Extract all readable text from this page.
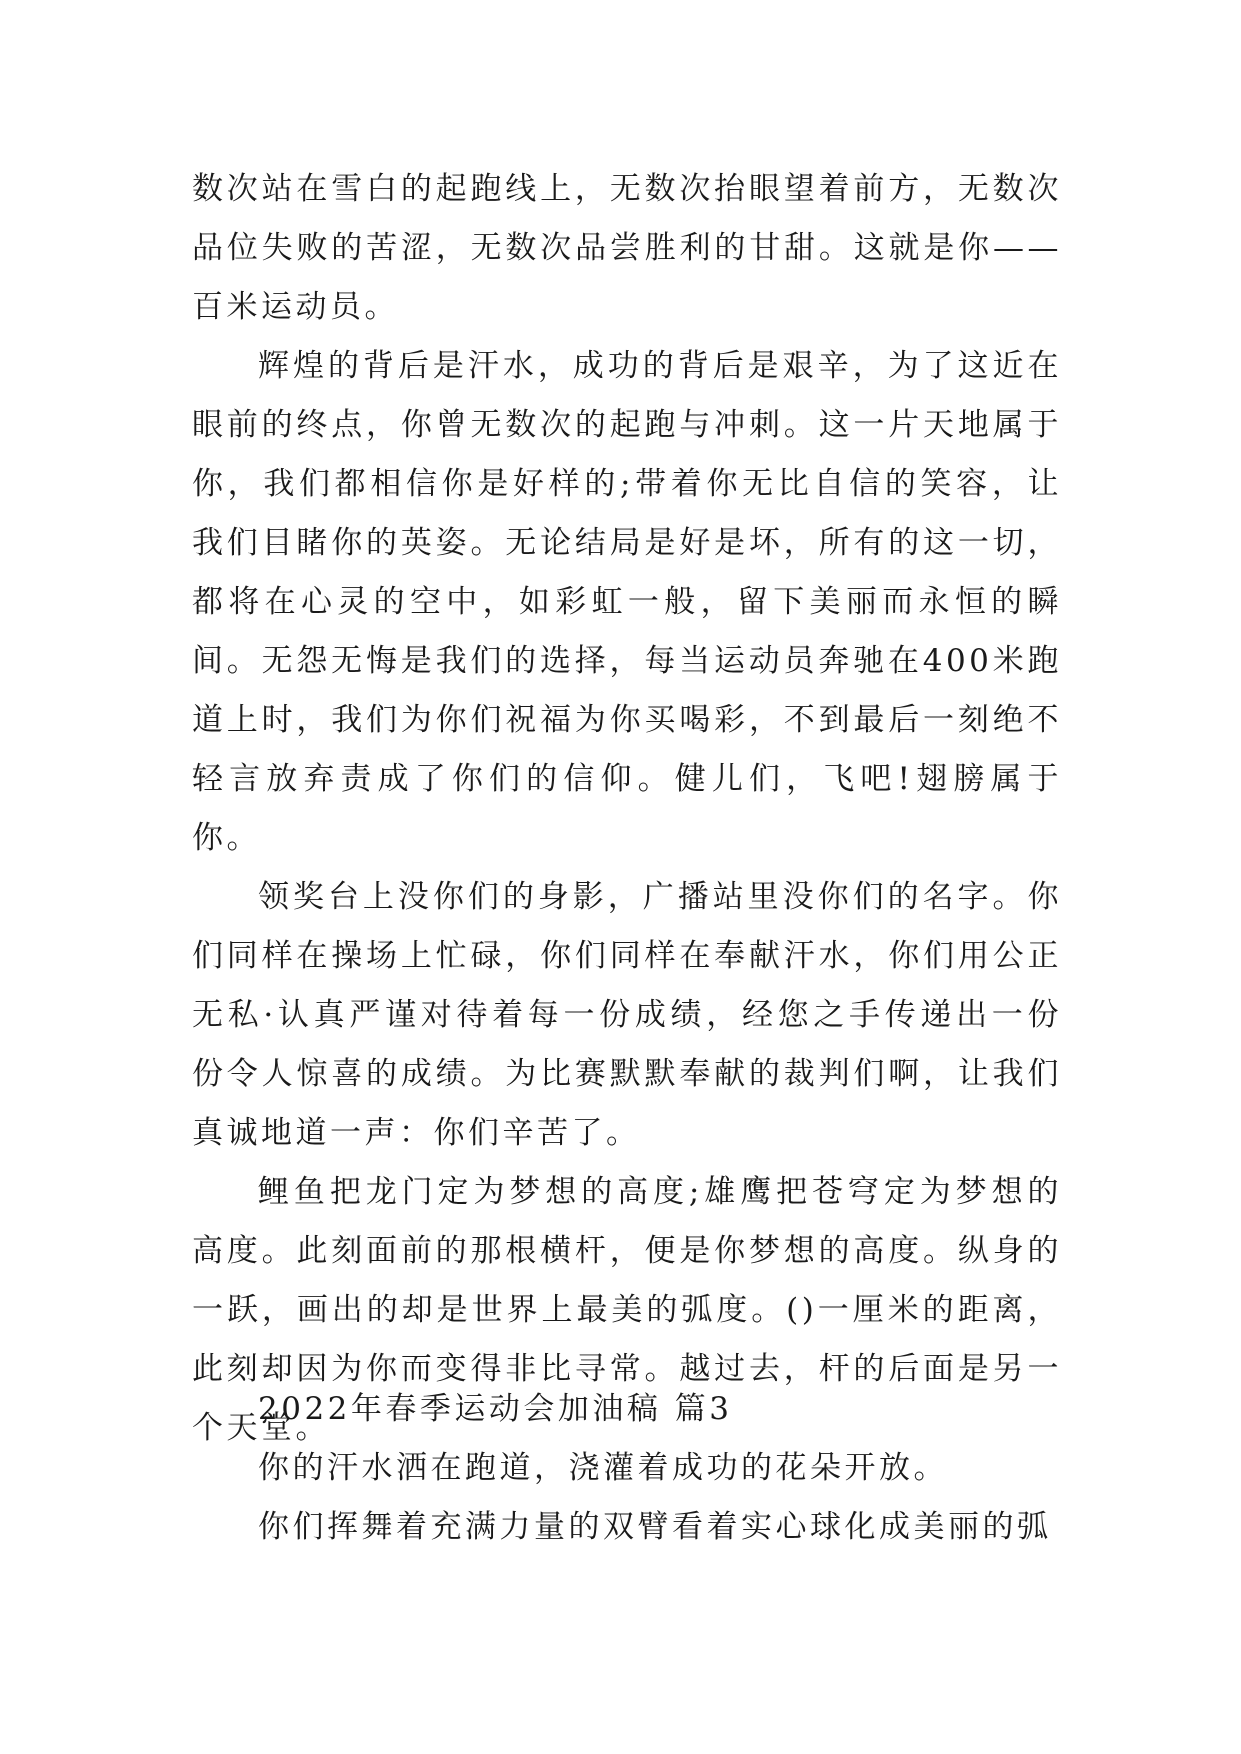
数次站在雪白的起跑线上，无数次抬眼望着前方，无数次品位失败的苦涩，无数次品尝胜利的甘甜。这就是你——百米运动员。

辉煌的背后是汗水，成功的背后是艰辛，为了这近在眼前的终点，你曾无数次的起跑与冲刺。这一片天地属于你，我们都相信你是好样的;带着你无比自信的笑容，让我们目睹你的英姿。无论结局是好是坏，所有的这一切，都将在心灵的空中，如彩虹一般，留下美丽而永恒的瞬间。无怨无悔是我们的选择，每当运动员奔驰在400米跑道上时，我们为你们祝福为你买喝彩，不到最后一刻绝不轻言放弃责成了你们的信仰。健儿们，飞吧!翅膀属于你。

领奖台上没你们的身影，广播站里没你们的名字。你们同样在操场上忙碌，你们同样在奉献汗水，你们用公正无私·认真严谨对待着每一份成绩，经您之手传递出一份份令人惊喜的成绩。为比赛默默奉献的裁判们啊，让我们真诚地道一声：你们辛苦了。

鲤鱼把龙门定为梦想的高度;雄鹰把苍穹定为梦想的高度。此刻面前的那根横杆，便是你梦想的高度。纵身的一跃，画出的却是世界上最美的弧度。()一厘米的距离，此刻却因为你而变得非比寻常。越过去，杆的后面是另一个天堂。

2022年春季运动会加油稿 篇3

你的汗水洒在跑道，浇灌着成功的花朵开放。

你们挥舞着充满力量的双臂看着实心球化成美丽的弧
